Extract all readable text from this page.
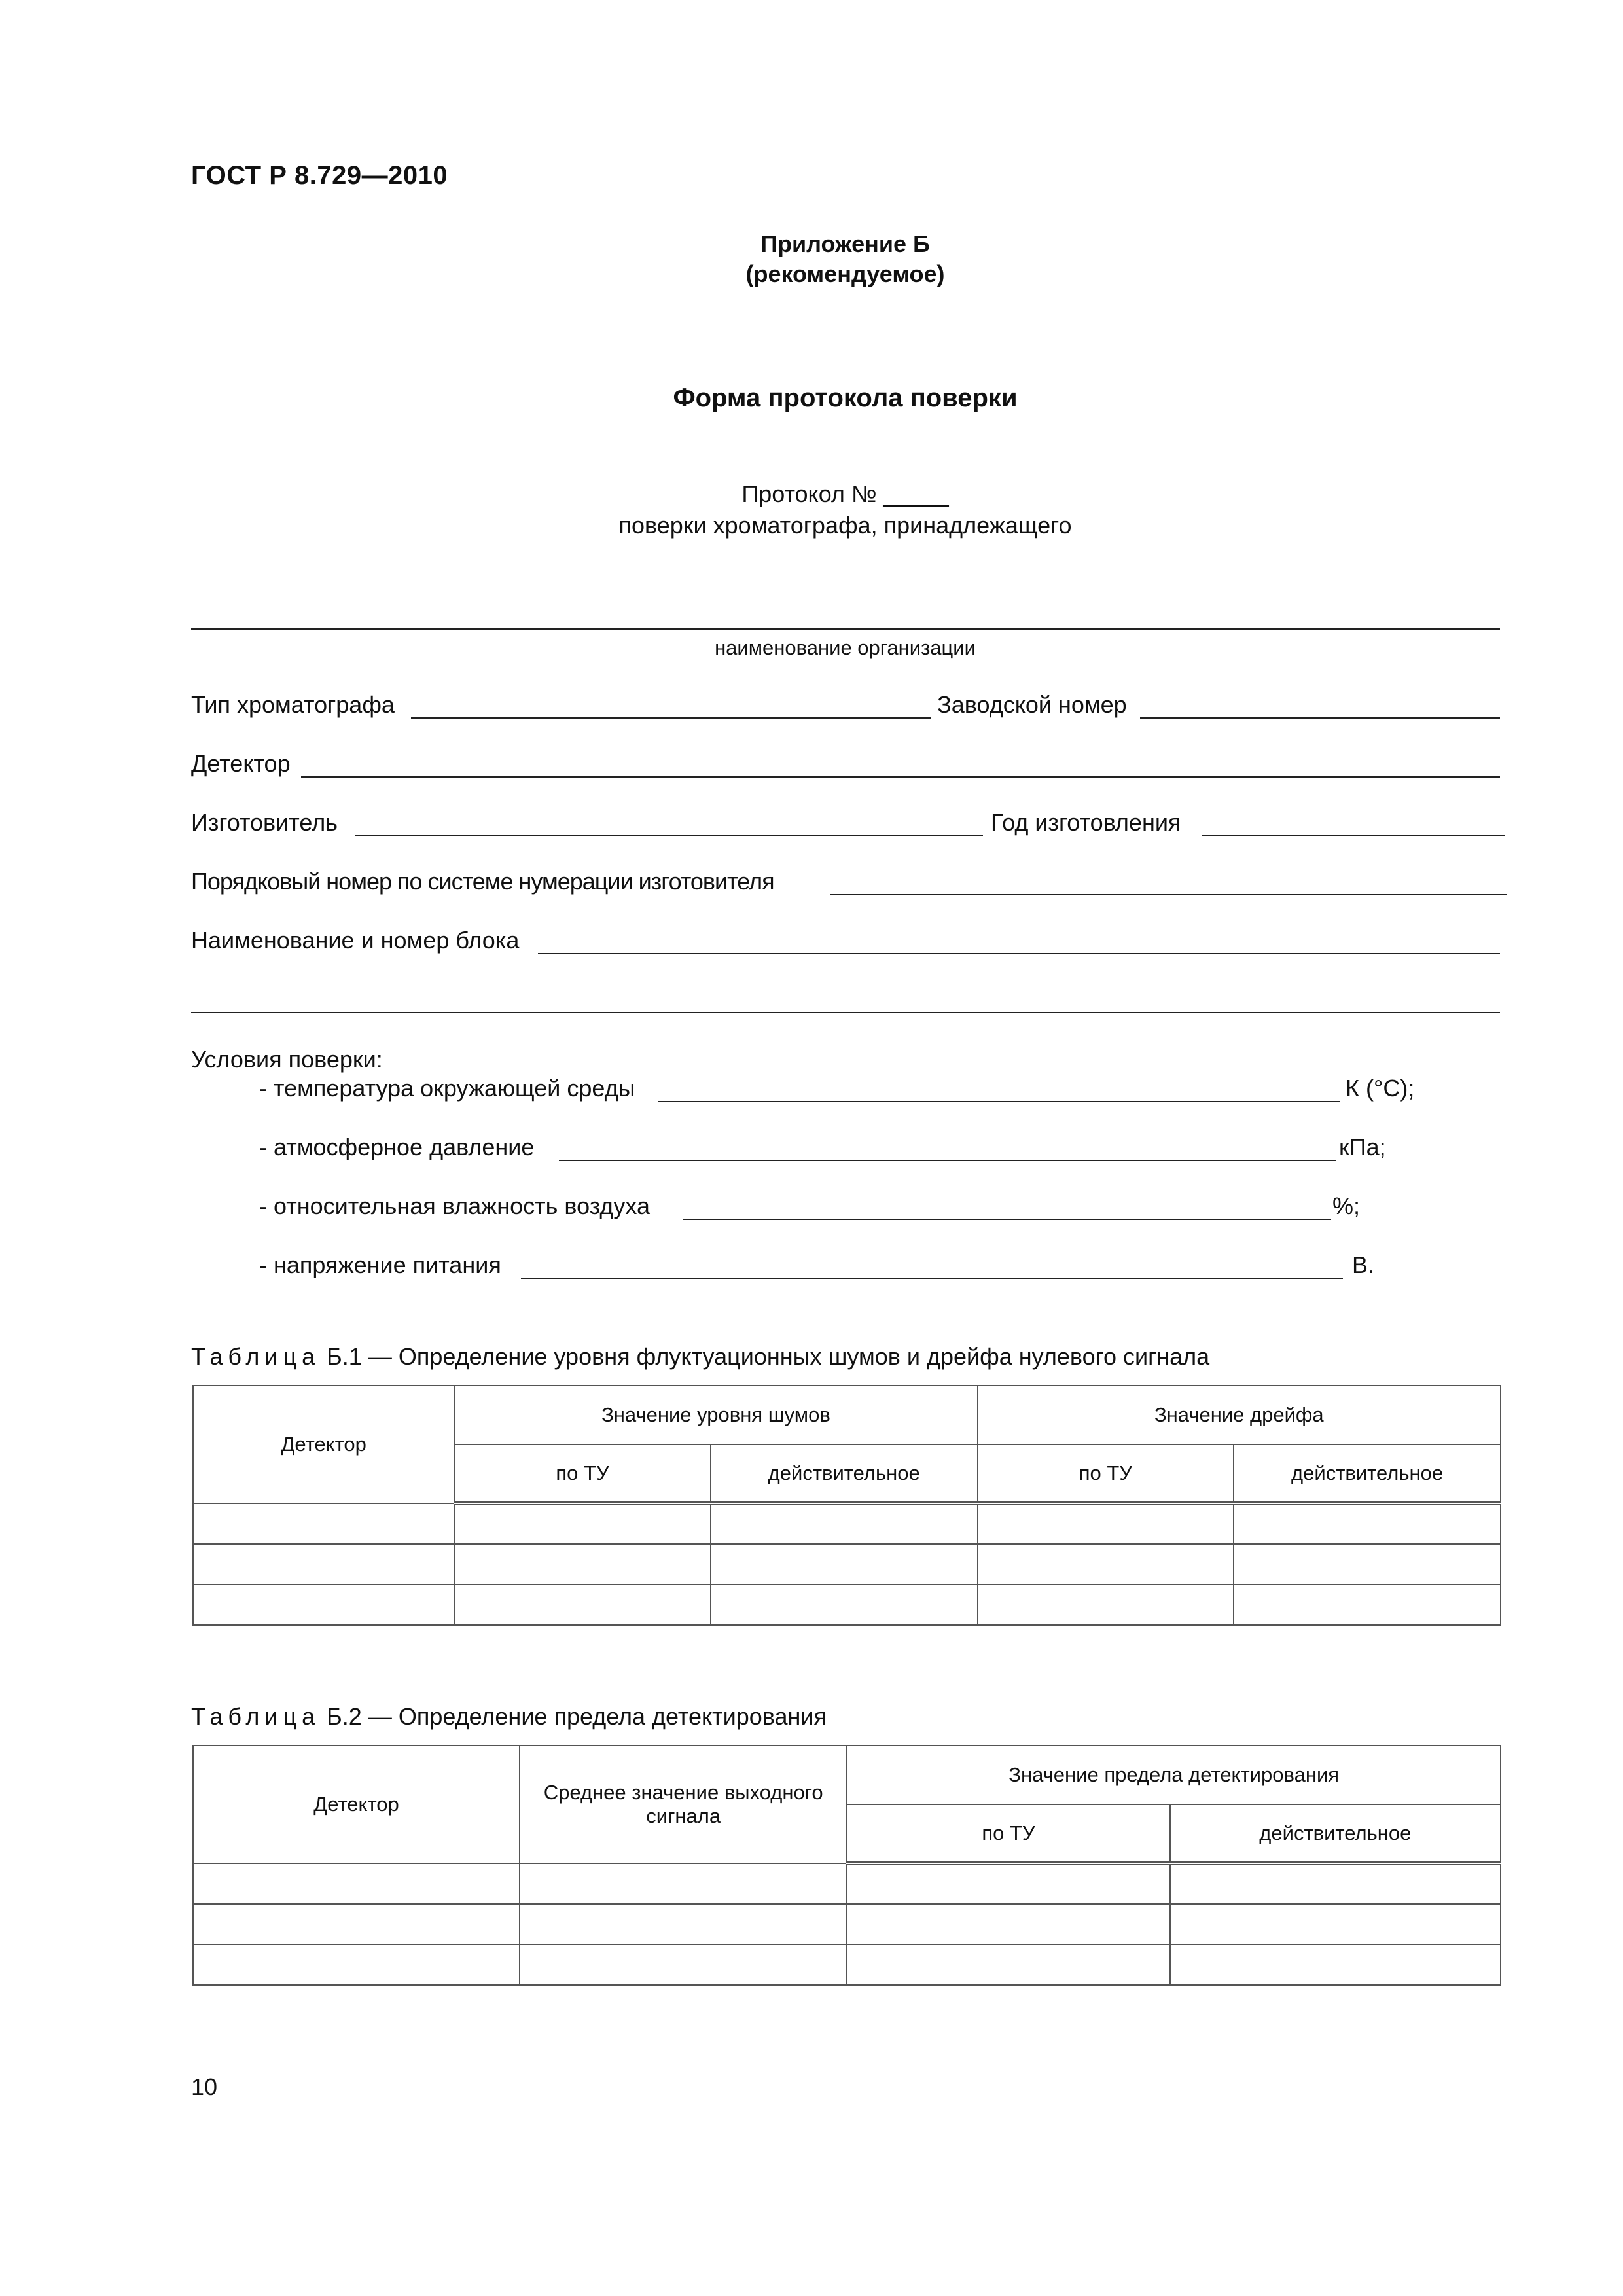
ГОСТ Р 8.729—2010
Приложение Б
(рекомендуемое)
Форма протокола поверки
Протокол № _____
поверки хроматографа, принадлежащего
наименование организации
Тип хроматографа	Заводской номер
Детектор
Изготовитель	Год изготовления
Порядковый номер по системе нумерации изготовителя
Наименование и номер блока
Условия поверки:
- температура окружающей среды	К (°С);
- атмосферное давление	кПа;
- относительная влажность воздуха	%;
- напряжение питания	В.
Таблица Б.1 — Определение уровня флуктуационных шумов и дрейфа нулевого сигнала
Детектор	Значение уровня шумов		Значение дрейфа	
	по ТУ	действительное	по ТУ	действительное

Таблица Б.2 — Определение предела детектирования
Детектор	Среднее значение выходного сигнала	Значение предела детектирования	
		по ТУ	действительное

10
